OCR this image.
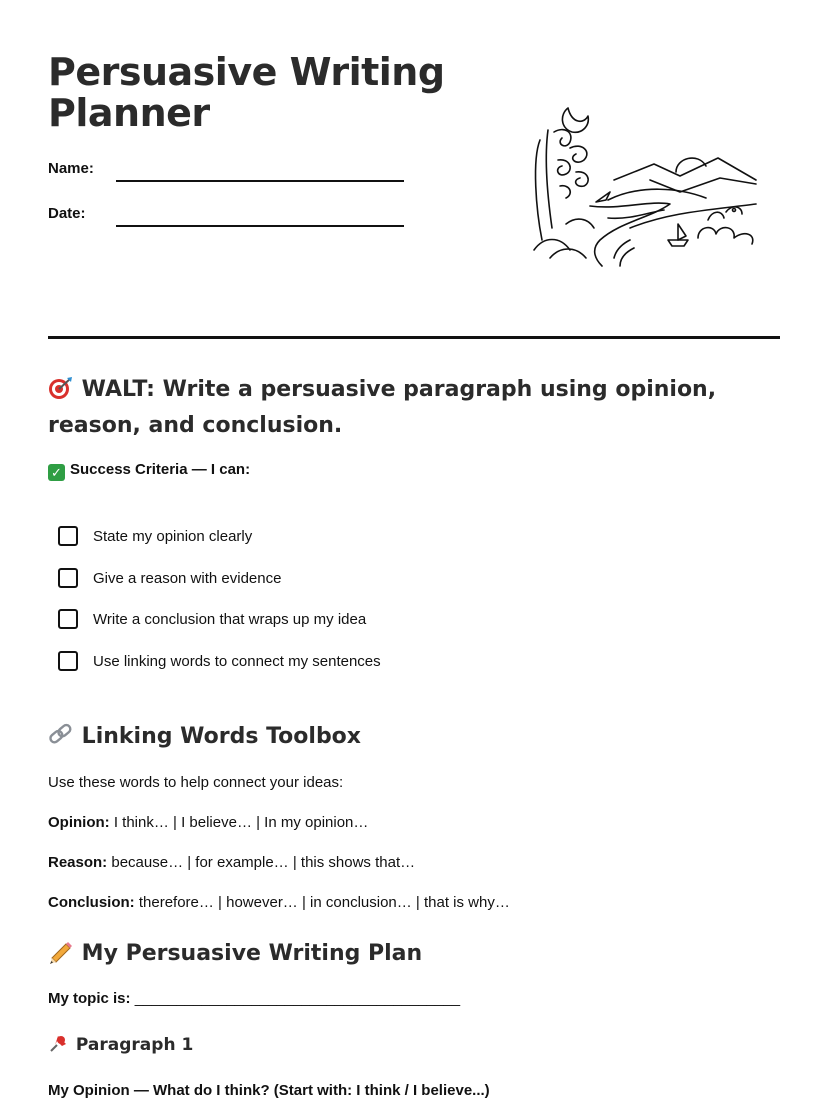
Persuasive Writing
Planner
Name:
Date:
WALT: Write a persuasive paragraph using opinion, reason, and conclusion.
✓ Success Criteria — I can:
State my opinion clearly
Give a reason with evidence
Write a conclusion that wraps up my idea
Use linking words to connect my sentences
Linking Words Toolbox
Use these words to help connect your ideas:
Opinion: I think… | I believe… | In my opinion…
Reason: because… | for example… | this shows that…
Conclusion: therefore… | however… | in conclusion… | that is why…
My Persuasive Writing Plan
My topic is: _______________________________________
Paragraph 1
My Opinion — What do I think? (Start with: I think / I believe...)
